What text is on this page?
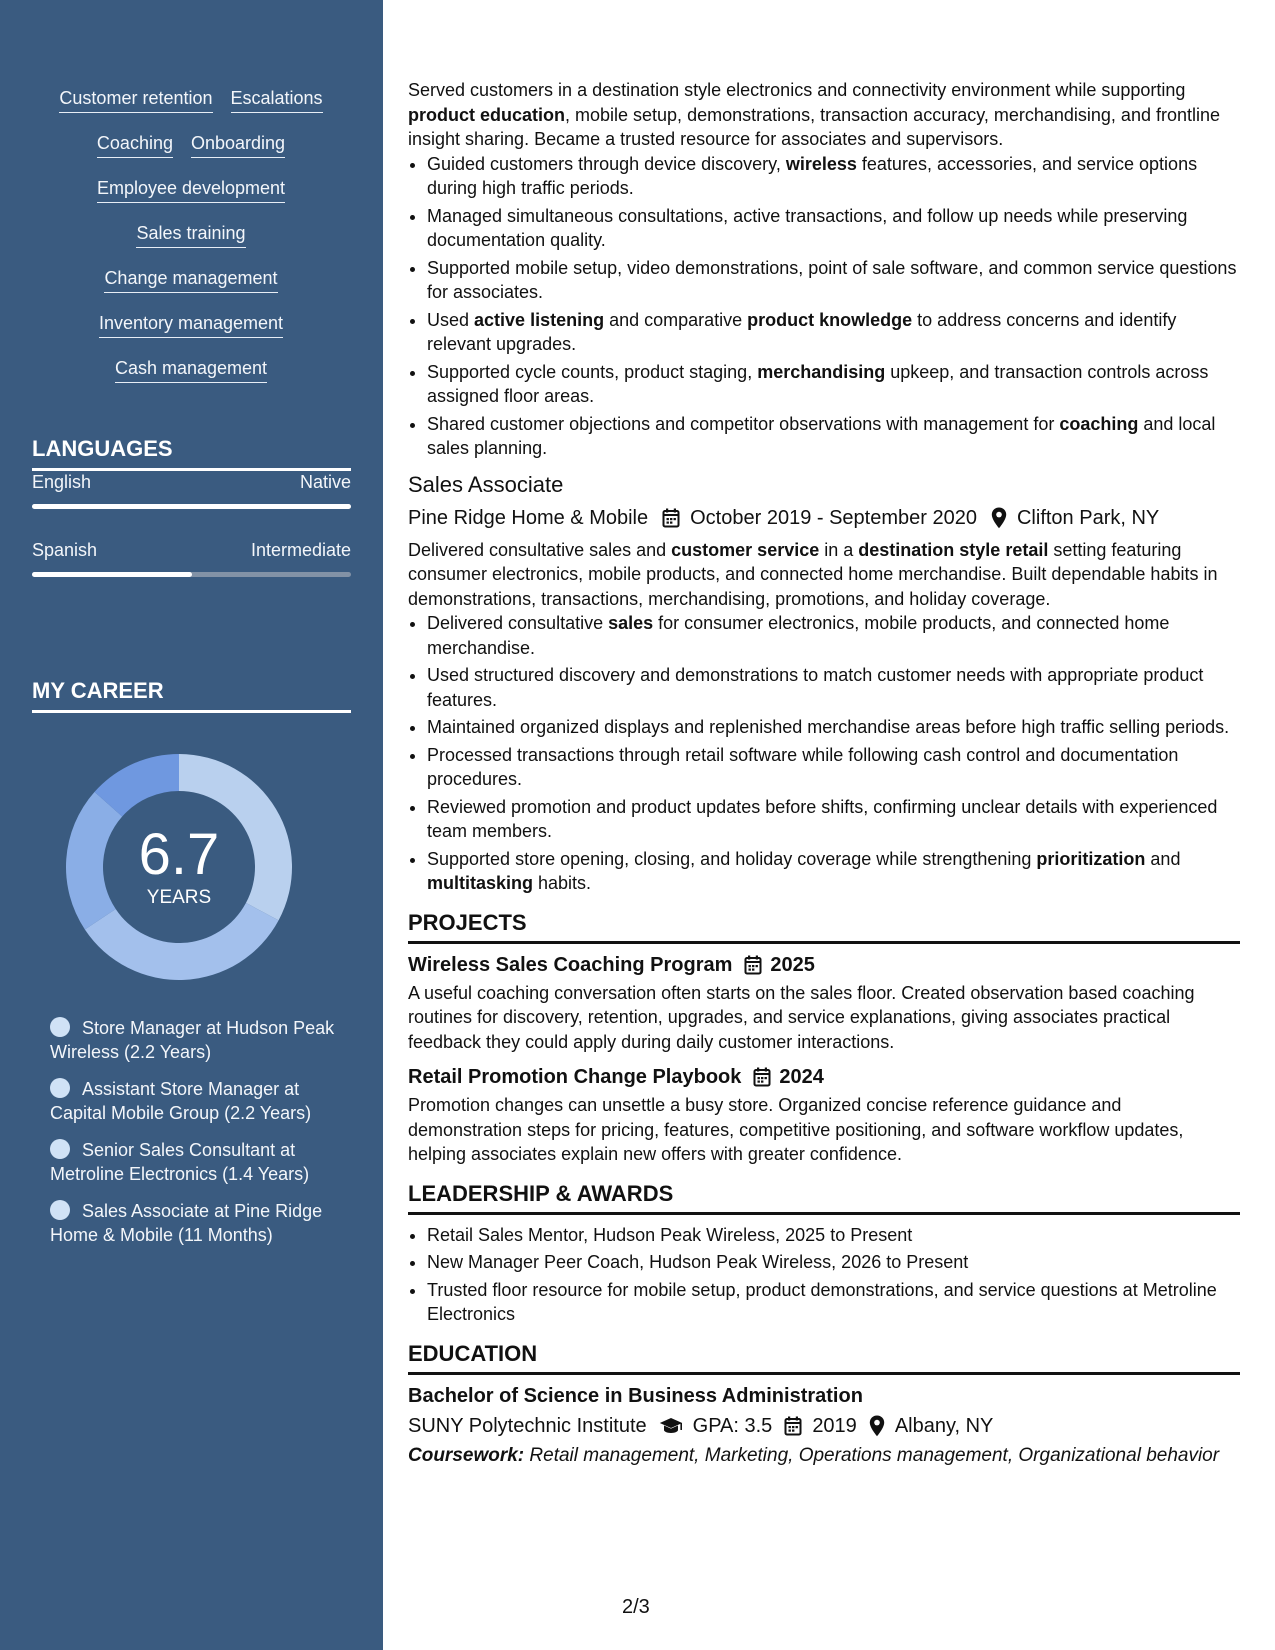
Customer retention Escalations
Coaching Onboarding
Employee development
Sales training
Change management
Inventory management
Cash management
LANGUAGES
English	Native
Spanish	Intermediate
MY CAREER
6.7
YEARS
Store Manager at Hudson Peak Wireless (2.2 Years)
Assistant Store Manager at Capital Mobile Group (2.2 Years)
Senior Sales Consultant at Metroline Electronics (1.4 Years)
Sales Associate at Pine Ridge Home & Mobile (11 Months)

Served customers in a destination style electronics and connectivity environment while supporting product education, mobile setup, demonstrations, transaction accuracy, merchandising, and frontline insight sharing. Became a trusted resource for associates and supervisors.

• Guided customers through device discovery, wireless features, accessories, and service options during high traffic periods.
• Managed simultaneous consultations, active transactions, and follow up needs while preserving documentation quality.
• Supported mobile setup, video demonstrations, point of sale software, and common service questions for associates.
• Used active listening and comparative product knowledge to address concerns and identify relevant upgrades.
• Supported cycle counts, product staging, merchandising upkeep, and transaction controls across assigned floor areas.
• Shared customer objections and competitor observations with management for coaching and local sales planning.
Sales Associate
Pine Ridge Home & Mobile October 2019 - September 2020 Clifton Park, NY

Delivered consultative sales and customer service in a destination style retail setting featuring consumer electronics, mobile products, and connected home merchandise. Built dependable habits in demonstrations, transactions, merchandising, promotions, and holiday coverage.

• Delivered consultative sales for consumer electronics, mobile products, and connected home merchandise.
• Used structured discovery and demonstrations to match customer needs with appropriate product features.
• Maintained organized displays and replenished merchandise areas before high traffic selling periods.
• Processed transactions through retail software while following cash control and documentation procedures.
• Reviewed promotion and product updates before shifts, confirming unclear details with experienced team members.
• Supported store opening, closing, and holiday coverage while strengthening prioritization and multitasking habits.
PROJECTS
Wireless Sales Coaching Program 2025

A useful coaching conversation often starts on the sales floor. Created observation based coaching routines for discovery, retention, upgrades, and service explanations, giving associates practical feedback they could apply during daily customer interactions.

Retail Promotion Change Playbook 2024

Promotion changes can unsettle a busy store. Organized concise reference guidance and demonstration steps for pricing, features, competitive positioning, and software workflow updates, helping associates explain new offers with greater confidence.

LEADERSHIP & AWARDS
• Retail Sales Mentor, Hudson Peak Wireless, 2025 to Present
• New Manager Peer Coach, Hudson Peak Wireless, 2026 to Present
• Trusted floor resource for mobile setup, product demonstrations, and service questions at Metroline Electronics
EDUCATION
Bachelor of Science in Business Administration
SUNY Polytechnic Institute GPA: 3.5 2019 Albany, NY
Coursework: Retail management, Marketing, Operations management, Organizational behavior
2/3
